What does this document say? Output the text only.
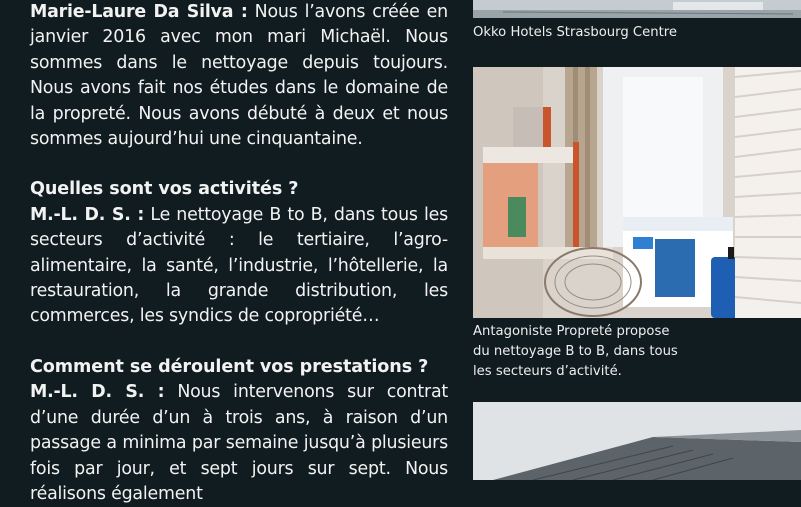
Marie-Laure Da Silva : Nous l’avons créée en janvier 2016 avec mon mari Michaël. Nous sommes dans le nettoyage depuis toujours. Nous avons fait nos études dans le domaine de la propreté. Nous avons débuté à deux et nous sommes aujourd’hui une cinquantaine.

Quelles sont vos activités ?

M.-L. D. S. : Le nettoyage B to B, dans tous les secteurs d’activité : le tertiaire, l’agro-alimentaire, la santé, l’industrie, l’hôtellerie, la restauration, la grande distribution, les commerces, les syndics de copropriété…

Comment se déroulent vos prestations ?

M.-L. D. S. : Nous intervenons sur contrat d’une durée d’un à trois ans, à raison d’un passage a minima par semaine jusqu’à plusieurs fois par jour, et sept jours sur sept. Nous réalisons également

Okko Hotels Strasbourg Centre
Antagoniste Propreté propose
du nettoyage B to B, dans tous
les secteurs d’activité.
